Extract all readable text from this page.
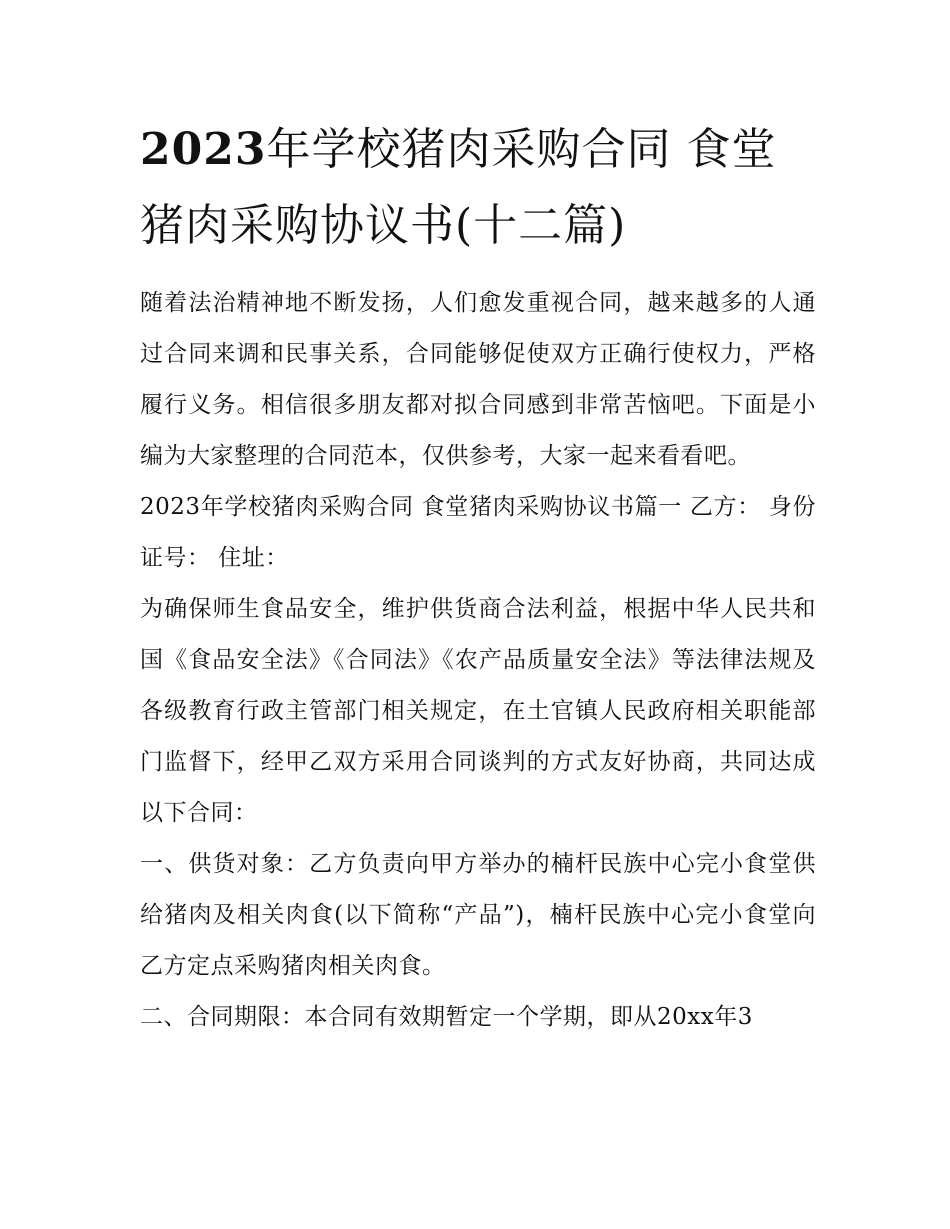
2023年学校猪肉采购合同 食堂猪肉采购协议书(十二篇)

随着法治精神地不断发扬，人们愈发重视合同，越来越多的人通过合同来调和民事关系，合同能够促使双方正确行使权力，严格履行义务。相信很多朋友都对拟合同感到非常苦恼吧。下面是小编为大家整理的合同范本，仅供参考，大家一起来看看吧。

2023年学校猪肉采购合同 食堂猪肉采购协议书篇一 乙方： 身份证号： 住址：

为确保师生食品安全，维护供货商合法利益，根据中华人民共和国《食品安全法》《合同法》《农产品质量安全法》等法律法规及各级教育行政主管部门相关规定，在土官镇人民政府相关职能部门监督下，经甲乙双方采用合同谈判的方式友好协商，共同达成以下合同：

一、供货对象：乙方负责向甲方举办的楠杆民族中心完小食堂供给猪肉及相关肉食(以下简称“产品”)，楠杆民族中心完小食堂向乙方定点采购猪肉相关肉食。

二、合同期限：本合同有效期暂定一个学期，即从20xx年3
